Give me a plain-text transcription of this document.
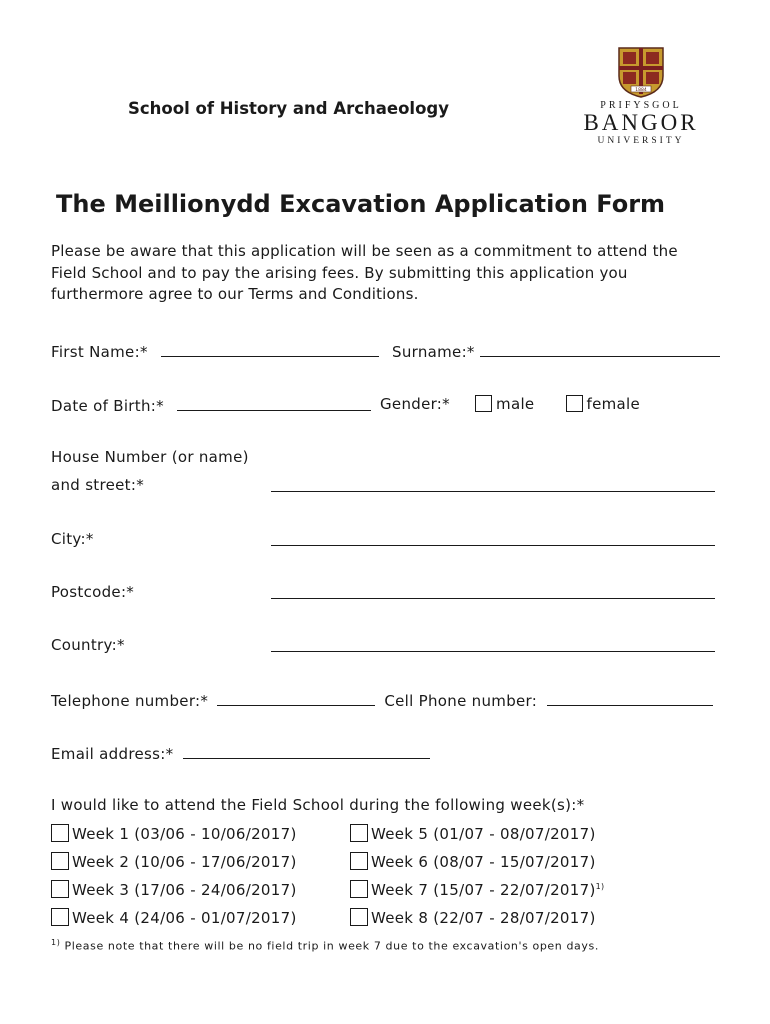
School of History and Archaeology
1884
PRIFYSGOL
BANGOR
UNIVERSITY
The Meillionydd Excavation Application Form
Please be aware that this application will be seen as a commitment to attend the Field School and to pay the arising fees. By submitting this application you furthermore agree to our Terms and Conditions.
First Name:*	Surname:*
Date of Birth:*	Gender:*	male	female
House Number (or name)
and street:*
City:*
Postcode:*
Country:*
Telephone number:*	Cell Phone number:
Email address:*
I would like to attend the Field School during the following week(s):*
Week 1 (03/06 - 10/06/2017)
Week 2 (10/06 - 17/06/2017)
Week 3 (17/06 - 24/06/2017)
Week 4 (24/06 - 01/07/2017)
Week 5 (01/07 - 08/07/2017)
Week 6 (08/07 - 15/07/2017)
Week 7 (15/07 - 22/07/2017)$^{1)}$
Week 8 (22/07 - 28/07/2017)
$^{1)}$ Please note that there will be no field trip in week 7 due to the excavation's open days.
